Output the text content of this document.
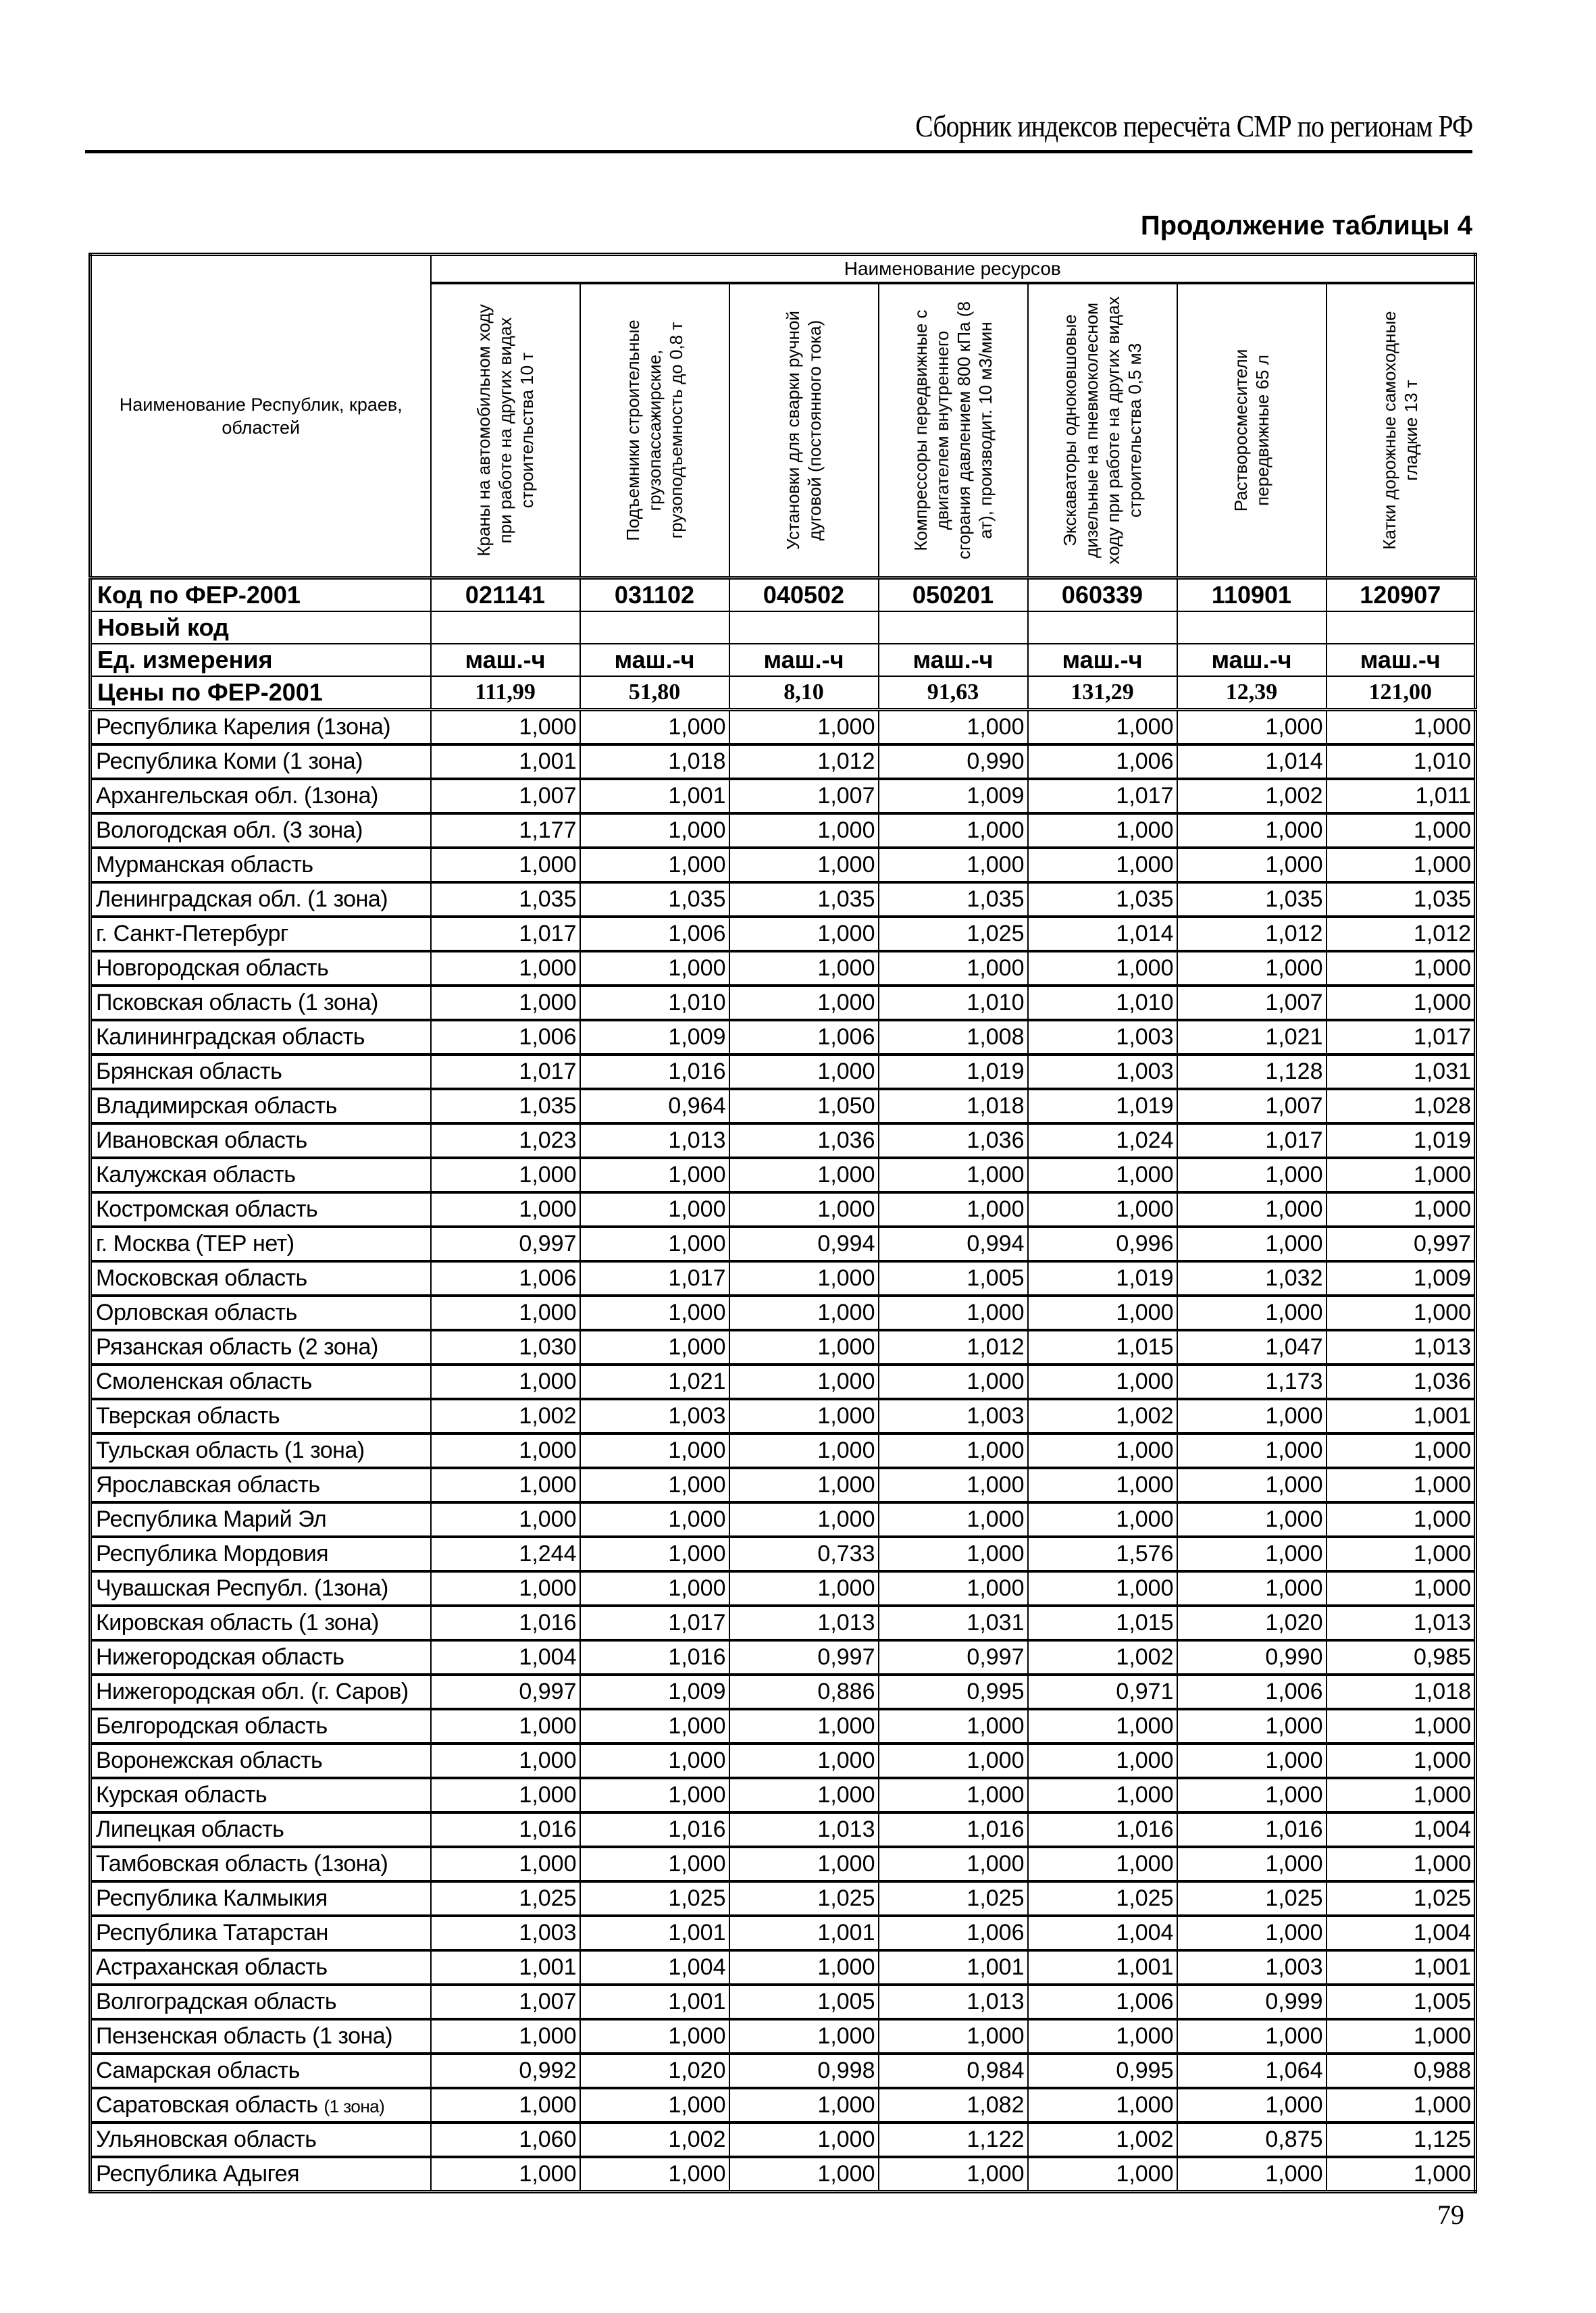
Сборник индексов пересчёта СМР по регионам РФ
Продолжение таблицы 4
Наименование Республик, краев, областей	Наименование ресурсов						

	Краны на автомобильном ходу при работе на других видах строительства 10 т	Подъемники строительные грузопассажирские, грузоподъемность до 0,8 т	Установки для сварки ручной дуговой (постоянного тока)	Компрессоры передвижные с двигателем внутреннего сгорания давлением 800 кПа (8 ат), производит. 10 м3/мин	Экскаваторы одноковшовые дизельные на пневмоколесном ходу при работе на других видах строительства 0,5 м3	Растворосмесители передвижные 65 л	Катки дорожные самоходные гладкие 13 т

Код по ФЕР-2001	021141	031102	040502	050201	060339	110901	120907
Новый код							
Ед. измерения	маш.-ч	маш.-ч	маш.-ч	маш.-ч	маш.-ч	маш.-ч	маш.-ч
Цены по ФЕР-2001	111,99	51,80	8,10	91,63	131,29	12,39	121,00
Республика Карелия (1зона)	1,000	1,000	1,000	1,000	1,000	1,000	1,000
Республика Коми (1 зона)	1,001	1,018	1,012	0,990	1,006	1,014	1,010
Архангельская обл. (1зона)	1,007	1,001	1,007	1,009	1,017	1,002	1,011
Вологодская обл. (3 зона)	1,177	1,000	1,000	1,000	1,000	1,000	1,000
Мурманская область	1,000	1,000	1,000	1,000	1,000	1,000	1,000
Ленинградская обл. (1 зона)	1,035	1,035	1,035	1,035	1,035	1,035	1,035
г. Санкт-Петербург	1,017	1,006	1,000	1,025	1,014	1,012	1,012
Новгородская область	1,000	1,000	1,000	1,000	1,000	1,000	1,000
Псковская область (1 зона)	1,000	1,010	1,000	1,010	1,010	1,007	1,000
Калининградская область	1,006	1,009	1,006	1,008	1,003	1,021	1,017
Брянская область	1,017	1,016	1,000	1,019	1,003	1,128	1,031
Владимирская область	1,035	0,964	1,050	1,018	1,019	1,007	1,028
Ивановская область	1,023	1,013	1,036	1,036	1,024	1,017	1,019
Калужская область	1,000	1,000	1,000	1,000	1,000	1,000	1,000
Костромская область	1,000	1,000	1,000	1,000	1,000	1,000	1,000
г. Москва (ТЕР нет)	0,997	1,000	0,994	0,994	0,996	1,000	0,997
Московская область	1,006	1,017	1,000	1,005	1,019	1,032	1,009
Орловская область	1,000	1,000	1,000	1,000	1,000	1,000	1,000
Рязанская область (2 зона)	1,030	1,000	1,000	1,012	1,015	1,047	1,013
Смоленская область	1,000	1,021	1,000	1,000	1,000	1,173	1,036
Тверская область	1,002	1,003	1,000	1,003	1,002	1,000	1,001
Тульская область (1 зона)	1,000	1,000	1,000	1,000	1,000	1,000	1,000
Ярославская область	1,000	1,000	1,000	1,000	1,000	1,000	1,000
Республика Марий Эл	1,000	1,000	1,000	1,000	1,000	1,000	1,000
Республика Мордовия	1,244	1,000	0,733	1,000	1,576	1,000	1,000
Чувашская Республ. (1зона)	1,000	1,000	1,000	1,000	1,000	1,000	1,000
Кировская область (1 зона)	1,016	1,017	1,013	1,031	1,015	1,020	1,013
Нижегородская область	1,004	1,016	0,997	0,997	1,002	0,990	0,985
Нижегородская обл. (г. Саров)	0,997	1,009	0,886	0,995	0,971	1,006	1,018
Белгородская область	1,000	1,000	1,000	1,000	1,000	1,000	1,000
Воронежская область	1,000	1,000	1,000	1,000	1,000	1,000	1,000
Курская область	1,000	1,000	1,000	1,000	1,000	1,000	1,000
Липецкая область	1,016	1,016	1,013	1,016	1,016	1,016	1,004
Тамбовская область (1зона)	1,000	1,000	1,000	1,000	1,000	1,000	1,000
Республика Калмыкия	1,025	1,025	1,025	1,025	1,025	1,025	1,025
Республика Татарстан	1,003	1,001	1,001	1,006	1,004	1,000	1,004
Астраханская область	1,001	1,004	1,000	1,001	1,001	1,003	1,001
Волгоградская область	1,007	1,001	1,005	1,013	1,006	0,999	1,005
Пензенская область (1 зона)	1,000	1,000	1,000	1,000	1,000	1,000	1,000
Самарская область	0,992	1,020	0,998	0,984	0,995	1,064	0,988
Саратовская область (1 зона)	1,000	1,000	1,000	1,082	1,000	1,000	1,000
Ульяновская область	1,060	1,002	1,000	1,122	1,002	0,875	1,125
Республика Адыгея	1,000	1,000	1,000	1,000	1,000	1,000	1,000
79
